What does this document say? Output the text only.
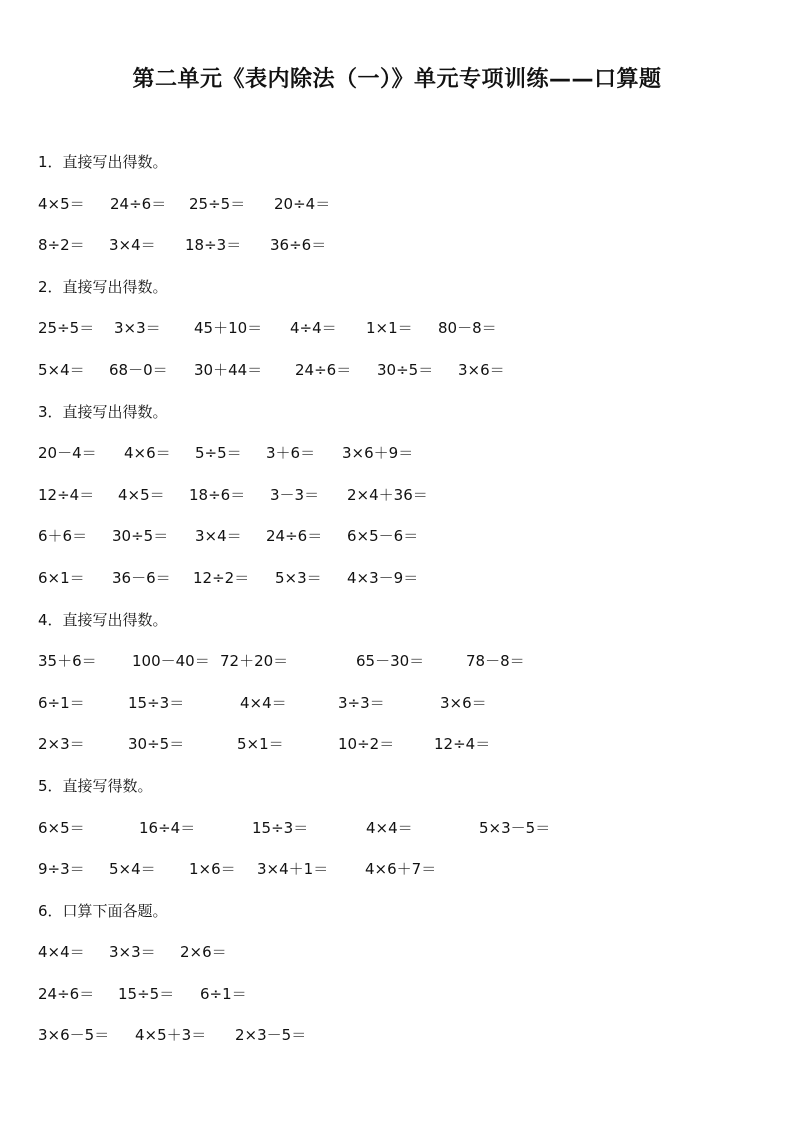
第二单元《表内除法（一）》单元专项训练——口算题
1．直接写出得数。
4×5＝ 24÷6＝ 25÷5＝ 20÷4＝
8÷2＝ 3×4＝ 18÷3＝ 36÷6＝
2．直接写出得数。
25÷5＝ 3×3＝ 45＋10＝ 4÷4＝ 1×1＝ 80－8＝
5×4＝ 68－0＝ 30＋44＝ 24÷6＝ 30÷5＝ 3×6＝
3．直接写出得数。
20－4＝ 4×6＝ 5÷5＝ 3＋6＝ 3×6＋9＝
12÷4＝ 4×5＝ 18÷6＝ 3－3＝ 2×4＋36＝
6＋6＝ 30÷5＝ 3×4＝ 24÷6＝ 6×5－6＝
6×1＝ 36－6＝ 12÷2＝ 5×3＝ 4×3－9＝
4．直接写出得数。
35＋6＝ 100－40＝ 72＋20＝	65－30＝	78－8＝
6÷1＝	15÷3＝	4×4＝	3÷3＝	3×6＝
2×3＝	30÷5＝	5×1＝	10÷2＝	12÷4＝
5．直接写得数。
6×5＝	16÷4＝	15÷3＝	4×4＝	5×3－5＝
9÷3＝ 5×4＝ 1×6＝ 3×4＋1＝ 4×6＋7＝
6．口算下面各题。
4×4＝ 3×3＝ 2×6＝
24÷6＝ 15÷5＝ 6÷1＝
3×6－5＝ 4×5＋3＝ 2×3－5＝
